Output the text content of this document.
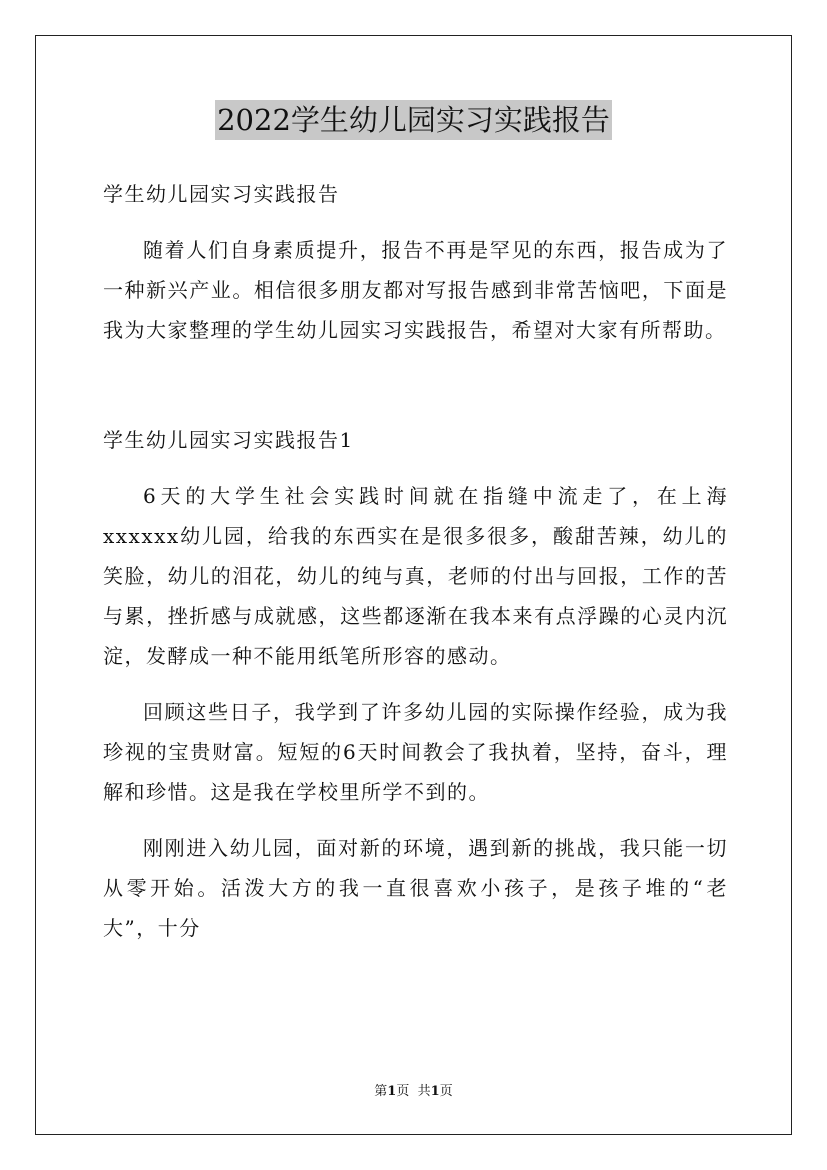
2022学生幼儿园实习实践报告

学生幼儿园实习实践报告

随着人们自身素质提升，报告不再是罕见的东西，报告成为了一种新兴产业。相信很多朋友都对写报告感到非常苦恼吧，下面是我为大家整理的学生幼儿园实习实践报告，希望对大家有所帮助。

学生幼儿园实习实践报告1

6天的大学生社会实践时间就在指缝中流走了，在上海xxxxxx幼儿园，给我的东西实在是很多很多，酸甜苦辣，幼儿的笑脸，幼儿的泪花，幼儿的纯与真，老师的付出与回报，工作的苦与累，挫折感与成就感，这些都逐渐在我本来有点浮躁的心灵内沉淀，发酵成一种不能用纸笔所形容的感动。

回顾这些日子，我学到了许多幼儿园的实际操作经验，成为我珍视的宝贵财富。短短的6天时间教会了我执着，坚持，奋斗，理解和珍惜。这是我在学校里所学不到的。

刚刚进入幼儿园，面对新的环境，遇到新的挑战，我只能一切从零开始。活泼大方的我一直很喜欢小孩子，是孩子堆的“老大”，十分

第1页 共1页
